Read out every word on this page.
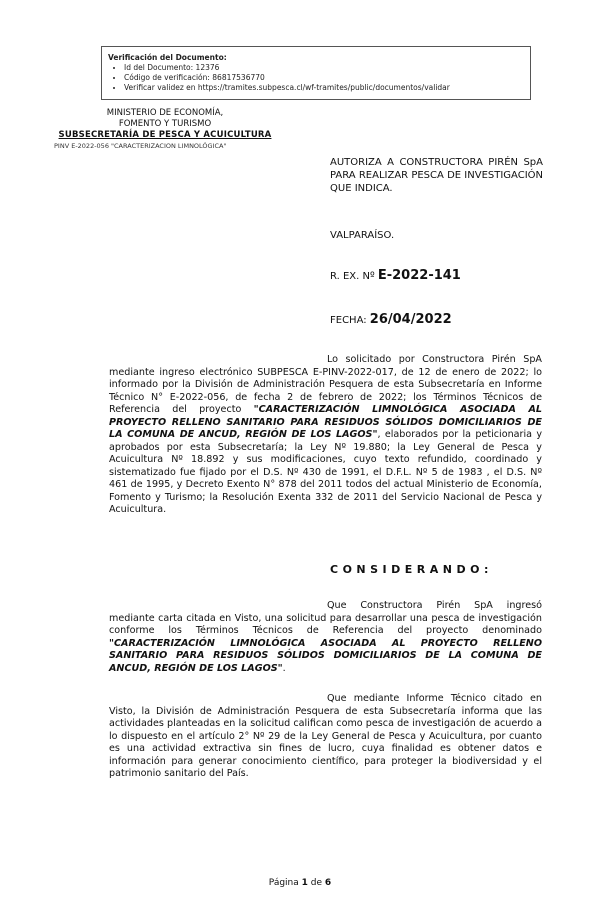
Verificación del Documento:
• Id del Documento: 12376
• Código de verificación: 86817536770
• Verificar validez en https://tramites.subpesca.cl/wf-tramites/public/documentos/validar
MINISTERIO DE ECONOMÍA,
FOMENTO Y TURISMO
SUBSECRETARÍA DE PESCA Y ACUICULTURA
PINV E-2022-056 "CARACTERIZACION LIMNOLÓGICA"
AUTORIZA A CONSTRUCTORA PIRÉN SpA PARA REALIZAR PESCA DE INVESTIGACIÓN QUE INDICA.
VALPARAÍSO.
R. EX. Nº E-2022-141
FECHA: 26/04/2022
Lo solicitado por Constructora Pirén SpA mediante ingreso electrónico SUBPESCA E-PINV-2022-017, de 12 de enero de 2022; lo informado por la División de Administración Pesquera de esta Subsecretaría en Informe Técnico N° E-2022-056, de fecha 2 de febrero de 2022; los Términos Técnicos de Referencia del proyecto "CARACTERIZACIÓN LIMNOLÓGICA ASOCIADA AL PROYECTO RELLENO SANITARIO PARA RESIDUOS SÓLIDOS DOMICILIARIOS DE LA COMUNA DE ANCUD, REGIÓN DE LOS LAGOS", elaborados por la peticionaria y aprobados por esta Subsecretaría; la Ley Nº 19.880; la Ley General de Pesca y Acuicultura Nº 18.892 y sus modificaciones, cuyo texto refundido, coordinado y sistematizado fue fijado por el D.S. Nº 430 de 1991, el D.F.L. Nº 5 de 1983 , el D.S. Nº 461 de 1995, y Decreto Exento N° 878 del 2011 todos del actual Ministerio de Economía, Fomento y Turismo; la Resolución Exenta 332 de 2011 del Servicio Nacional de Pesca y Acuicultura.
CONSIDERANDO:
Que Constructora Pirén SpA ingresó mediante carta citada en Visto, una solicitud para desarrollar una pesca de investigación conforme los Términos Técnicos de Referencia del proyecto denominado "CARACTERIZACIÓN LIMNOLÓGICA ASOCIADA AL PROYECTO RELLENO SANITARIO PARA RESIDUOS SÓLIDOS DOMICILIARIOS DE LA COMUNA DE ANCUD, REGIÓN DE LOS LAGOS".
Que mediante Informe Técnico citado en Visto, la División de Administración Pesquera de esta Subsecretaría informa que las actividades planteadas en la solicitud califican como pesca de investigación de acuerdo a lo dispuesto en el artículo 2° Nº 29 de la Ley General de Pesca y Acuicultura, por cuanto es una actividad extractiva sin fines de lucro, cuya finalidad es obtener datos e información para generar conocimiento científico, para proteger la biodiversidad y el patrimonio sanitario del País.
Página 1 de 6
